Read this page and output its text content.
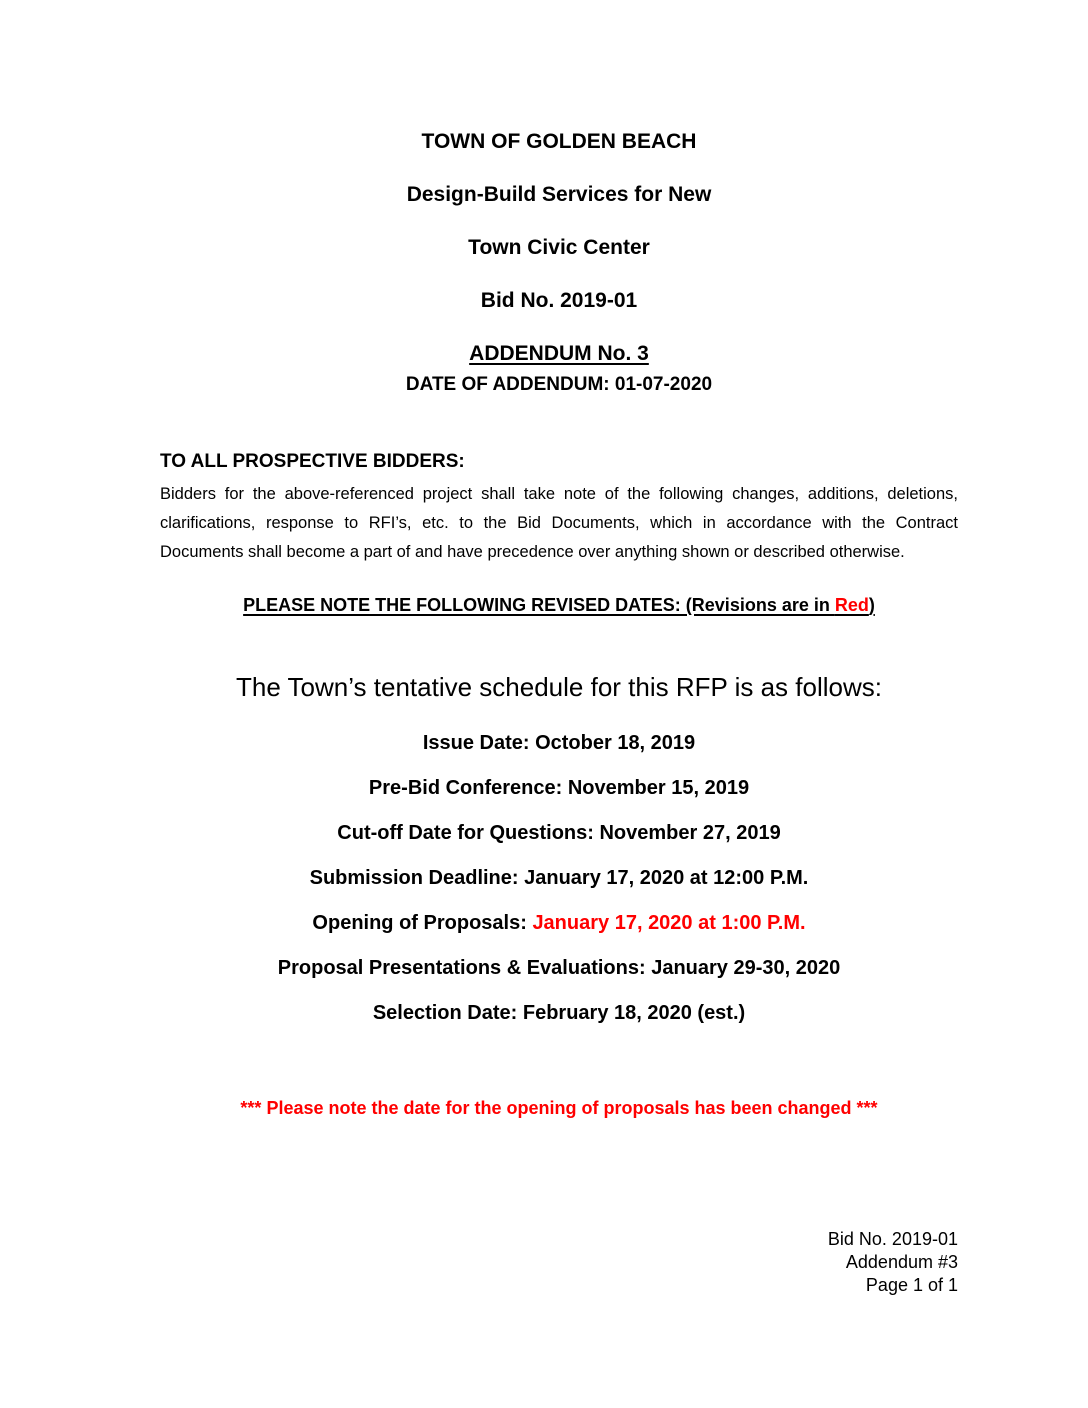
TOWN OF GOLDEN BEACH
Design-Build Services for New
Town Civic Center
Bid No. 2019-01
ADDENDUM No. 3
DATE OF ADDENDUM: 01-07-2020
TO ALL PROSPECTIVE BIDDERS:
Bidders for the above-referenced project shall take note of the following changes, additions, deletions, clarifications, response to RFI’s, etc. to the Bid Documents, which in accordance with the Contract Documents shall become a part of and have precedence over anything shown or described otherwise.
PLEASE NOTE THE FOLLOWING REVISED DATES: (Revisions are in Red)
The Town’s tentative schedule for this RFP is as follows:
Issue Date: October 18, 2019
Pre-Bid Conference: November 15, 2019
Cut-off Date for Questions: November 27, 2019
Submission Deadline: January 17, 2020 at 12:00 P.M.
Opening of Proposals: January 17, 2020 at 1:00 P.M.
Proposal Presentations & Evaluations: January 29-30, 2020
Selection Date: February 18, 2020 (est.)
*** Please note the date for the opening of proposals has been changed ***
Bid No. 2019-01
Addendum #3
Page 1 of 1
